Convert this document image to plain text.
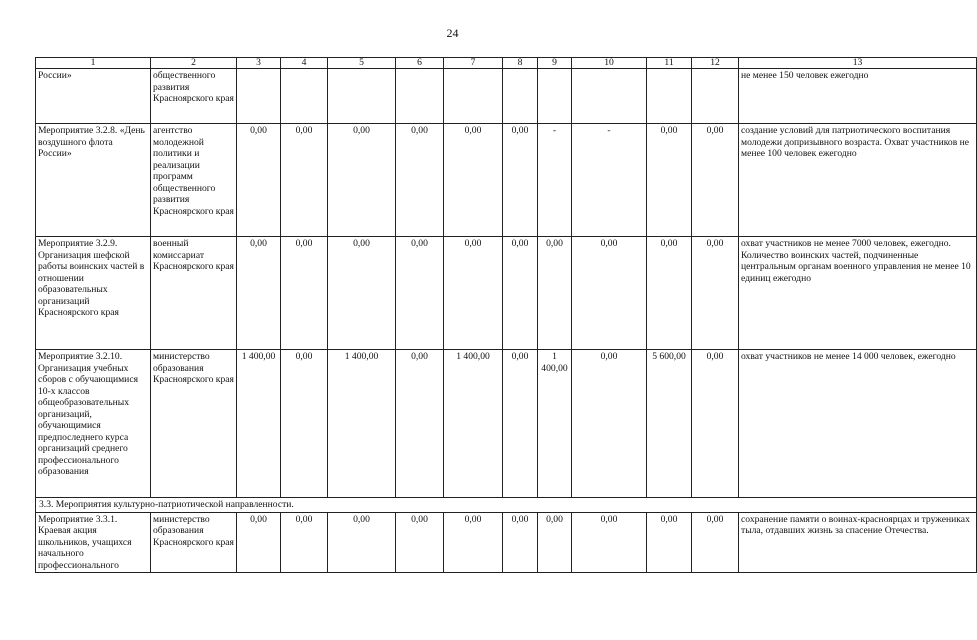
24
1	2	3	4	5	6	7	8	9	10	11	12	13
России»	общественного развития Красноярского края											не менее 150 человек ежегодно
Мероприятие 3.2.8. «День воздушного флота России»	агентство молодежной политики и реализации программ общественного развития Красноярского края	0,00	0,00	0,00	0,00	0,00	0,00	-	-	0,00	0,00	создание условий для патриотического воспитания молодежи допризывного возраста. Охват участников не менее 100 человек ежегодно
Мероприятие 3.2.9. Организация шефской работы воинских частей в отношении образовательных организаций Красноярского края	военный комиссариат Красноярского края	0,00	0,00	0,00	0,00	0,00	0,00	0,00	0,00	0,00	0,00	охват участников не менее 7000 человек, ежегодно. Количество воинских частей, подчиненные центральным органам военного управления не менее 10 единиц ежегодно
Мероприятие 3.2.10. Организация учебных сборов с обучающимися 10-х классов общеобразовательных организаций, обучающимися предпоследнего курса организаций среднего профессионального образования	министерство образования Красноярского края	1 400,00	0,00	1 400,00	0,00	1 400,00	0,00	1 400,00	0,00	5 600,00	0,00	охват участников не менее 14 000 человек, ежегодно
3.3. Мероприятия культурно-патриотической направленности.												
Мероприятие 3.3.1. Краевая акция школьников, учащихся начального профессионального	министерство образования Красноярского края	0,00	0,00	0,00	0,00	0,00	0,00	0,00	0,00	0,00	0,00	сохранение памяти о воинах-красноярцах и тружениках тыла, отдавших жизнь за спасение Отечества.
